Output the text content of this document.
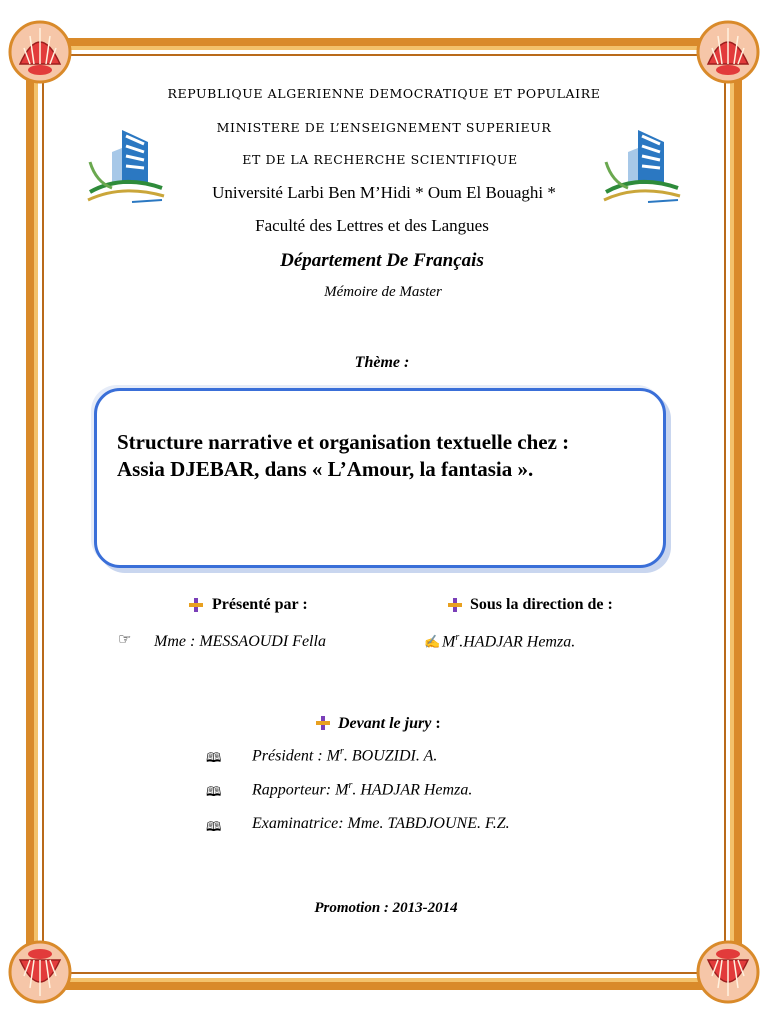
REPUBLIQUE ALGERIENNE DEMOCRATIQUE ET POPULAIRE
MINISTERE DE L’ENSEIGNEMENT SUPERIEUR
ET DE LA RECHERCHE SCIENTIFIQUE
Université Larbi Ben M’Hidi * Oum El Bouaghi *
Faculté des Lettres et des Langues
Département De Français
Mémoire de Master
Thème :
Structure narrative et organisation textuelle chez :
Assia DJEBAR, dans « L’Amour, la fantasia ».
Présenté par :
☞ Mme : MESSAOUDI Fella
Sous la direction de :
✍ $M^r.HADJAR$ Hemza.
Devant le jury :
🕮 Président : $M^r$. BOUZIDI. A.
🕮 Rapporteur: $M^r$. HADJAR Hemza.
🕮 Examinatrice: Mme. TABDJOUNE. F.Z.
Promotion : 2013-2014
